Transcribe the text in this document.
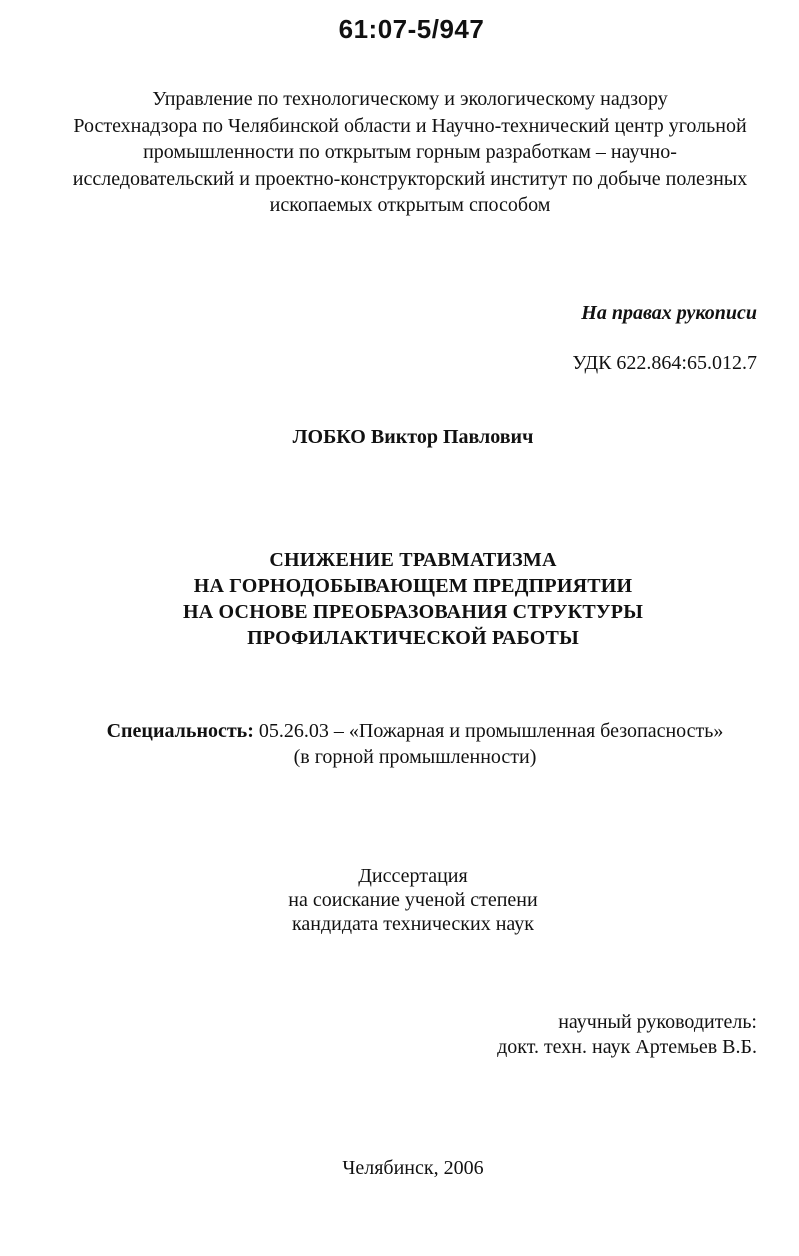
61:07-5/947
Управление по технологическому и экологическому надзору
Ростехнадзора по Челябинской области и Научно-технический центр угольной
промышленности по открытым горным разработкам – научно-
исследовательский и проектно-конструкторский институт по добыче полезных
ископаемых открытым способом
На правах рукописи
УДК 622.864:65.012.7
ЛОБКО Виктор Павлович
СНИЖЕНИЕ ТРАВМАТИЗМА
НА ГОРНОДОБЫВАЮЩЕМ ПРЕДПРИЯТИИ
НА ОСНОВЕ ПРЕОБРАЗОВАНИЯ СТРУКТУРЫ
ПРОФИЛАКТИЧЕСКОЙ РАБОТЫ
Специальность: 05.26.03 – «Пожарная и промышленная безопасность»
(в горной промышленности)
Диссертация
на соискание ученой степени
кандидата технических наук
научный руководитель:
докт. техн. наук Артемьев В.Б.
Челябинск, 2006
